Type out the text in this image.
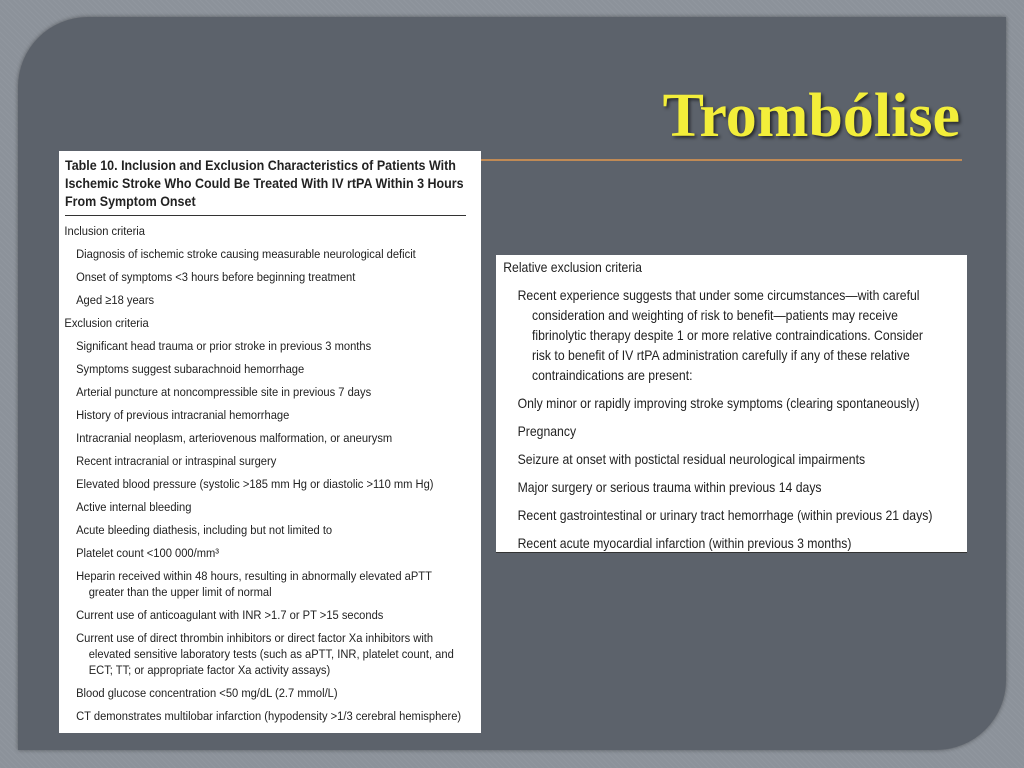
Trombólise
Table 10. Inclusion and Exclusion Characteristics of Patients With Ischemic Stroke Who Could Be Treated With IV rtPA Within 3 Hours From Symptom Onset
Inclusion criteria
Diagnosis of ischemic stroke causing measurable neurological deficit
Onset of symptoms <3 hours before beginning treatment
Aged ≥18 years
Exclusion criteria
Significant head trauma or prior stroke in previous 3 months
Symptoms suggest subarachnoid hemorrhage
Arterial puncture at noncompressible site in previous 7 days
History of previous intracranial hemorrhage
Intracranial neoplasm, arteriovenous malformation, or aneurysm
Recent intracranial or intraspinal surgery
Elevated blood pressure (systolic >185 mm Hg or diastolic >110 mm Hg)
Active internal bleeding
Acute bleeding diathesis, including but not limited to
Platelet count <100 000/mm³
Heparin received within 48 hours, resulting in abnormally elevated aPTT
greater than the upper limit of normal
Current use of anticoagulant with INR >1.7 or PT >15 seconds
Current use of direct thrombin inhibitors or direct factor Xa inhibitors with
elevated sensitive laboratory tests (such as aPTT, INR, platelet count, and
ECT; TT; or appropriate factor Xa activity assays)
Blood glucose concentration <50 mg/dL (2.7 mmol/L)
CT demonstrates multilobar infarction (hypodensity >1/3 cerebral hemisphere)
Relative exclusion criteria
Recent experience suggests that under some circumstances—with careful
consideration and weighting of risk to benefit—patients may receive
fibrinolytic therapy despite 1 or more relative contraindications. Consider
risk to benefit of IV rtPA administration carefully if any of these relative
contraindications are present:
Only minor or rapidly improving stroke symptoms (clearing spontaneously)
Pregnancy
Seizure at onset with postictal residual neurological impairments
Major surgery or serious trauma within previous 14 days
Recent gastrointestinal or urinary tract hemorrhage (within previous 21 days)
Recent acute myocardial infarction (within previous 3 months)
